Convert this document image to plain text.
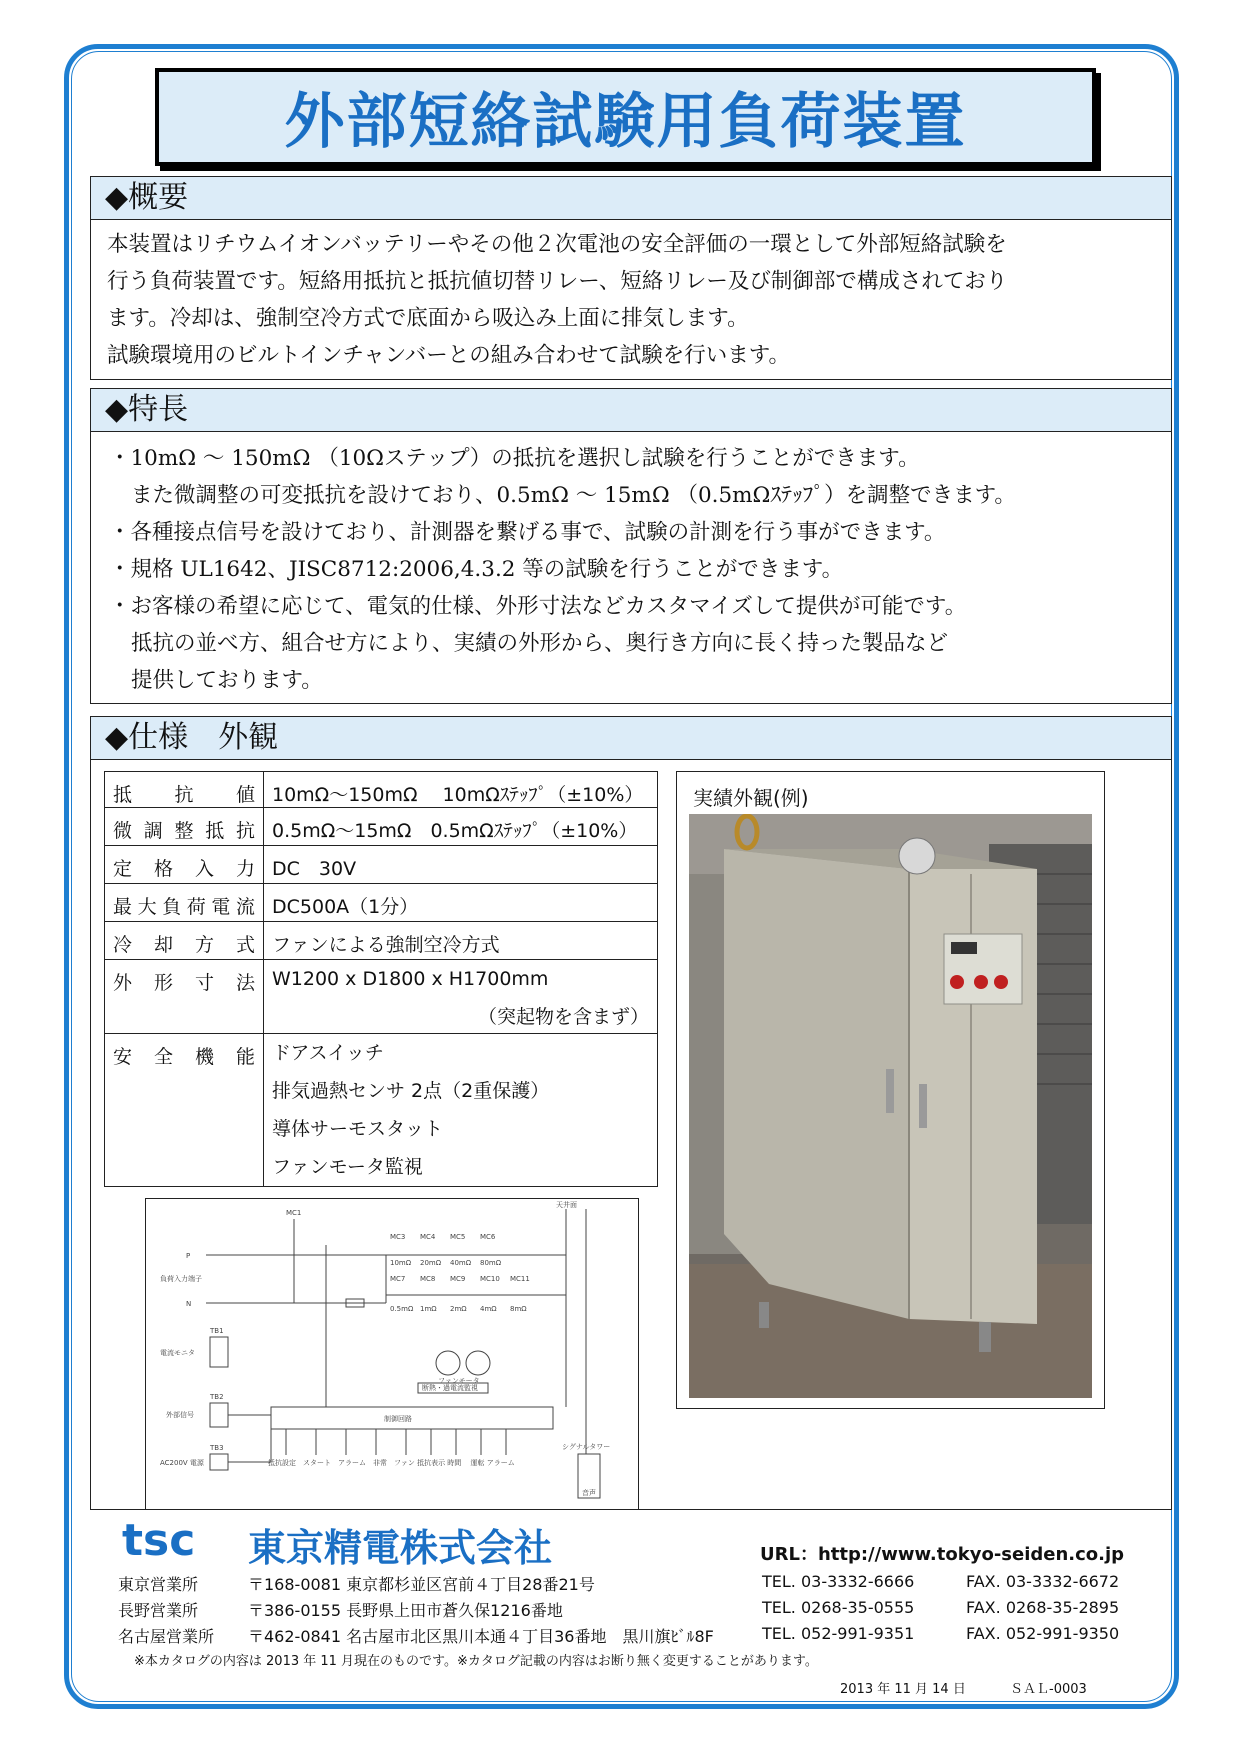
外部短絡試験用負荷装置
◆概要

本装置はリチウムイオンバッテリーやその他２次電池の安全評価の一環として外部短絡試験を

行う負荷装置です。短絡用抵抗と抵抗値切替リレー、短絡リレー及び制御部で構成されており

ます。冷却は、強制空冷方式で底面から吸込み上面に排気します。

試験環境用のビルトインチャンバーとの組み合わせて試験を行います。

◆特長

・10mΩ 〜 150mΩ （10Ωステップ）の抵抗を選択し試験を行うことができます。

また微調整の可変抵抗を設けており、0.5mΩ 〜 15mΩ （0.5mΩｽﾃｯﾌﾟ）を調整できます。

・各種接点信号を設けており、計測器を繋げる事で、試験の計測を行う事ができます。

・規格 UL1642、JISC8712:2006,4.3.2 等の試験を行うことができます。

・お客様の希望に応じて、電気的仕様、外形寸法などカスタマイズして提供が可能です。

抵抗の並べ方、組合せ方により、実績の外形から、奥行き方向に長く持った製品など

提供しております。

◆仕様　外観
抵抗値	10mΩ〜150mΩ　 10mΩｽﾃｯﾌﾟ（±10%）
微調整抵抗	0.5mΩ〜15mΩ　0.5mΩｽﾃｯﾌﾟ（±10%）
定格入力	DC　30V
最大負荷電流	DC500A（1分）
冷却方式	ファンによる強制空冷方式
外形寸法	W1200 x D1800 x H1700mm
（突起物を含まず）

安全機能	ドアスイッチ
排気過熱センサ 2点（2重保護）
導体サーモスタット
ファンモータ監視
実績外観(例)
P
N
MC1
負荷入力端子
MC3 MC4 MC5 MC6
10mΩ 20mΩ 40mΩ 80mΩ
MC7 MC8 MC9 MC10 MC11
0.5mΩ 1mΩ 2mΩ 4mΩ 8mΩ
TB1
TB2
TB3
電流モニタ
外部信号
AC200V 電源
制御回路
ファンモータ
断熱・過電流監視
天井面
シグナルタワー
音声
抵抗設定　スタート　アラーム　非常　ファン 抵抗表示 時間　 運転 アラーム
tsc 東京精電株式会社	URL：http://www.tokyo-seiden.co.jp
東京営業所	〒168-0081 東京都杉並区宮前４丁目28番21号	TEL. 03-3332-6666	FAX. 03-3332-6672
長野営業所	〒386-0155 長野県上田市蒼久保1216番地	TEL. 0268-35-0555	FAX. 0268-35-2895
名古屋営業所 〒462-0841 名古屋市北区黒川本通４丁目36番地　黒川旗ﾋﾞﾙ8F	TEL. 052-991-9351	FAX. 052-991-9350
※本カタログの内容は 2013 年 11 月現在のものです。※カタログ記載の内容はお断り無く変更することがあります。
2013 年 11 月 14 日	ＳＡＬ-0003
